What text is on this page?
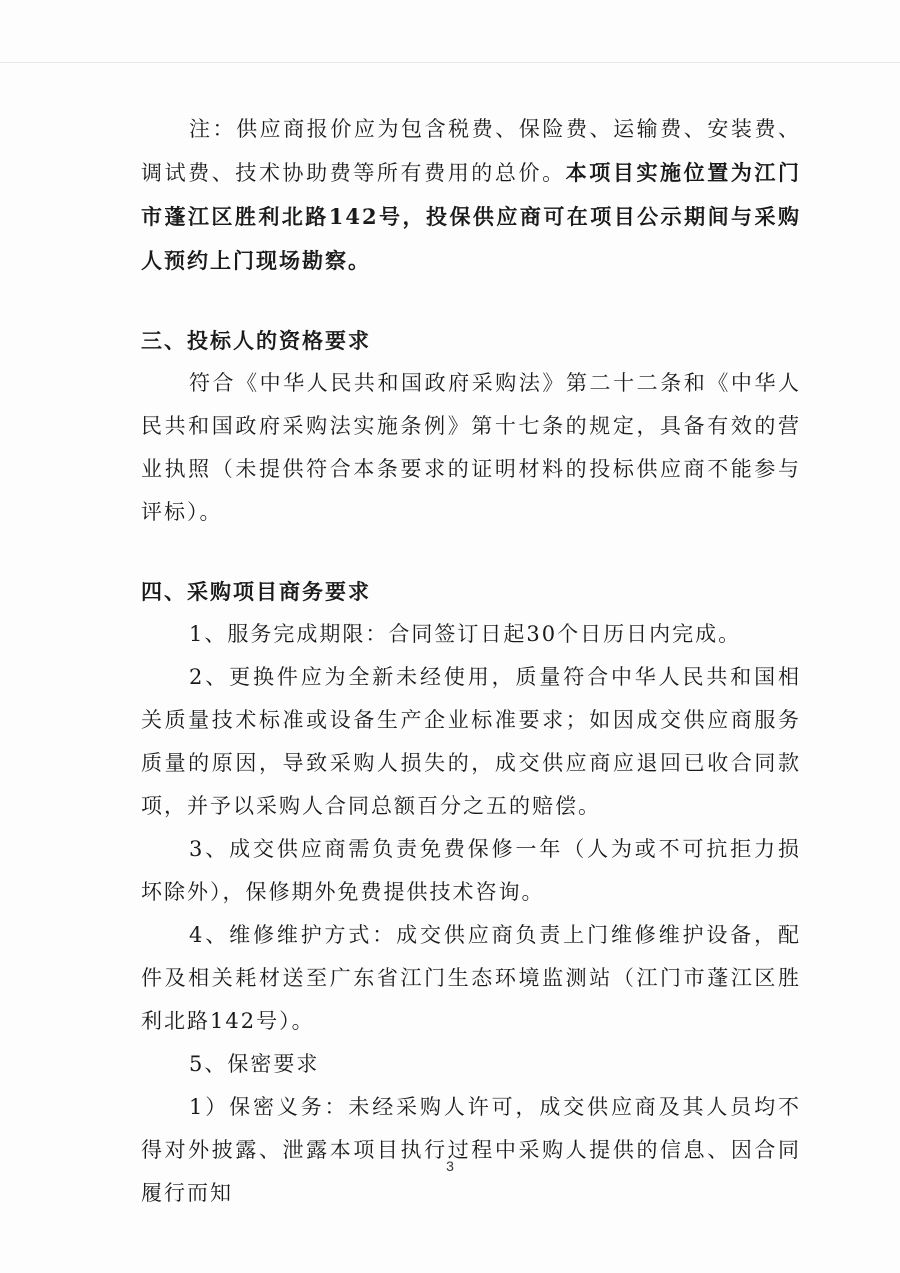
注：供应商报价应为包含税费、保险费、运输费、安装费、调试费、技术协助费等所有费用的总价。本项目实施位置为江门市蓬江区胜利北路142号，投保供应商可在项目公示期间与采购人预约上门现场勘察。

三、投标人的资格要求

符合《中华人民共和国政府采购法》第二十二条和《中华人民共和国政府采购法实施条例》第十七条的规定，具备有效的营业执照（未提供符合本条要求的证明材料的投标供应商不能参与评标）。

四、采购项目商务要求

1、服务完成期限：合同签订日起30个日历日内完成。

2、更换件应为全新未经使用，质量符合中华人民共和国相关质量技术标准或设备生产企业标准要求；如因成交供应商服务质量的原因，导致采购人损失的，成交供应商应退回已收合同款项，并予以采购人合同总额百分之五的赔偿。

3、成交供应商需负责免费保修一年（人为或不可抗拒力损坏除外），保修期外免费提供技术咨询。

4、维修维护方式：成交供应商负责上门维修维护设备，配件及相关耗材送至广东省江门生态环境监测站（江门市蓬江区胜利北路142号）。

5、保密要求

1）保密义务：未经采购人许可，成交供应商及其人员均不得对外披露、泄露本项目执行过程中采购人提供的信息、因合同履行而知

3
